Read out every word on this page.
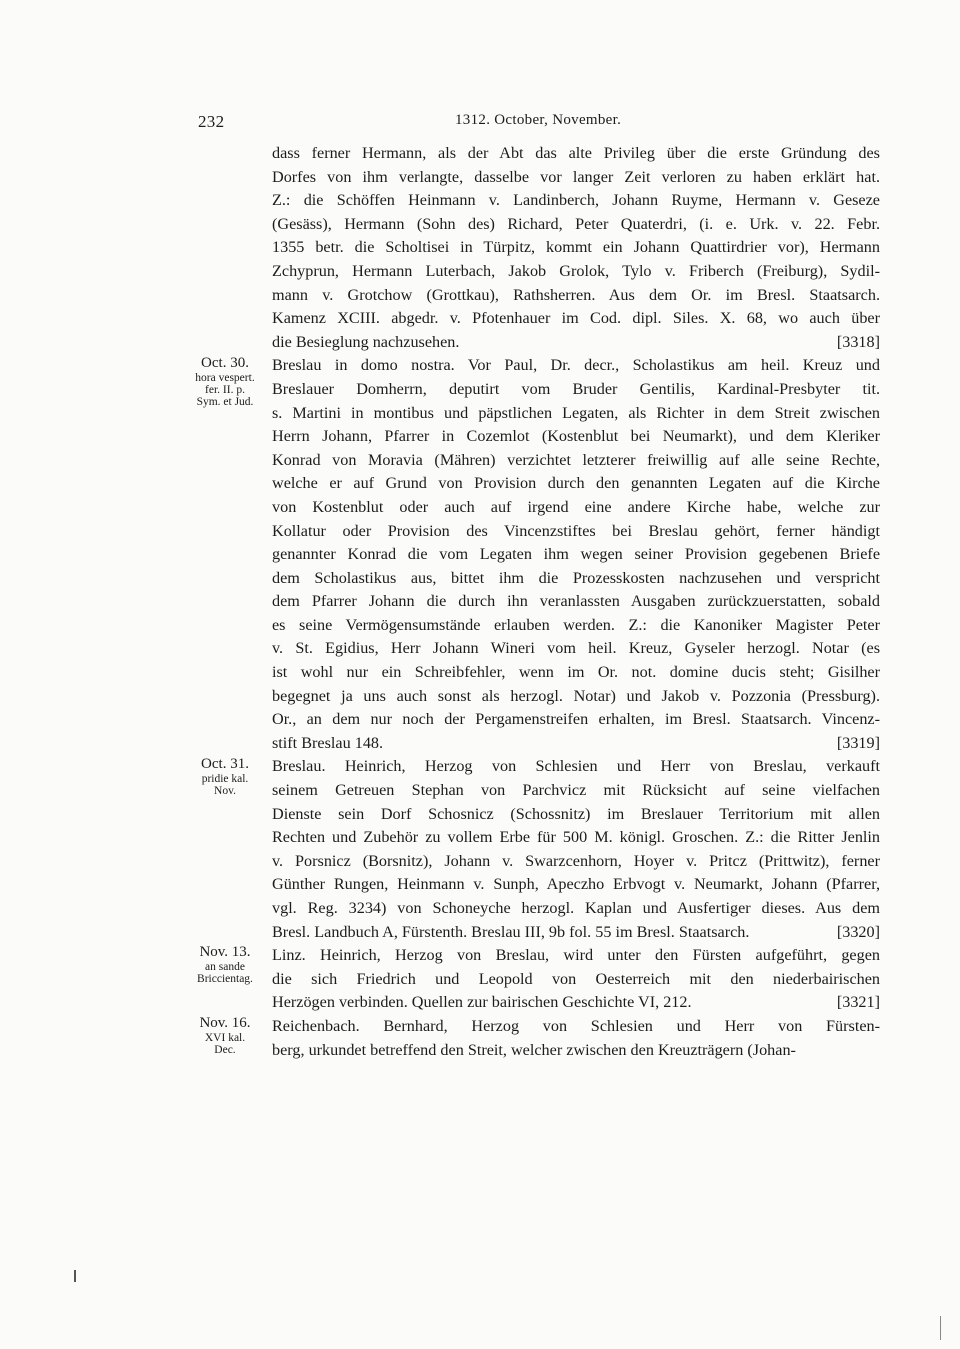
232	1312. October, November.
dass ferner Hermann, als der Abt das alte Privileg über die erste Gründung des
Dorfes von ihm verlangte, dasselbe vor langer Zeit verloren zu haben erklärt hat.
Z.: die Schöffen Heinmann v. Landinberch, Johann Ruyme, Hermann v. Geseze
(Gesäss), Hermann (Sohn des) Richard, Peter Quaterdri, (i. e. Urk. v. 22. Febr.
1355 betr. die Scholtisei in Türpitz, kommt ein Johann Quattirdrier vor), Hermann
Zchyprun, Hermann Luterbach, Jakob Grolok, Tylo v. Friberch (Freiburg), Sydil-
mann v. Grotchow (Grottkau), Rathsherren. Aus dem Or. im Bresl. Staatsarch.
Kamenz XCIII. abgedr. v. Pfotenhauer im Cod. dipl. Siles. X. 68, wo auch über
die Besieglung nachzusehen.	[3318]
Breslau in domo nostra. Vor Paul, Dr. decr., Scholastikus am heil. Kreuz und
Breslauer Domherrn, deputirt vom Bruder Gentilis, Kardinal-Presbyter tit.
s. Martini in montibus und päpstlichen Legaten, als Richter in dem Streit zwischen
Herrn Johann, Pfarrer in Cozemlot (Kostenblut bei Neumarkt), und dem Kleriker
Konrad von Moravia (Mähren) verzichtet letzterer freiwillig auf alle seine Rechte,
welche er auf Grund von Provision durch den genannten Legaten auf die Kirche
von Kostenblut oder auch auf irgend eine andere Kirche habe, welche zur
Kollatur oder Provision des Vincenzstiftes bei Breslau gehört, ferner händigt
genannter Konrad die vom Legaten ihm wegen seiner Provision gegebenen Briefe
dem Scholastikus aus, bittet ihm die Prozesskosten nachzusehen und verspricht
dem Pfarrer Johann die durch ihn veranlassten Ausgaben zurückzuerstatten, sobald
es seine Vermögensumstände erlauben werden. Z.: die Kanoniker Magister Peter
v. St. Egidius, Herr Johann Wineri vom heil. Kreuz, Gyseler herzogl. Notar (es
ist wohl nur ein Schreibfehler, wenn im Or. not. domine ducis steht; Gisilher
begegnet ja uns auch sonst als herzogl. Notar) und Jakob v. Pozzonia (Pressburg).
Or., an dem nur noch der Pergamenstreifen erhalten, im Bresl. Staatsarch. Vincenz-
stift Breslau 148.	[3319]
Breslau. Heinrich, Herzog von Schlesien und Herr von Breslau, verkauft
seinem Getreuen Stephan von Parchvicz mit Rücksicht auf seine vielfachen
Dienste sein Dorf Schosnicz (Schossnitz) im Breslauer Territorium mit allen
Rechten und Zubehör zu vollem Erbe für 500 M. königl. Groschen. Z.: die Ritter Jenlin
v. Porsnicz (Borsnitz), Johann v. Swarzcenhorn, Hoyer v. Pritcz (Prittwitz), ferner
Günther Rungen, Heinmann v. Sunph, Apeczho Erbvogt v. Neumarkt, Johann (Pfarrer,
vgl. Reg. 3234) von Schoneyche herzogl. Kaplan und Ausfertiger dieses. Aus dem
Bresl. Landbuch A, Fürstenth. Breslau III, 9b fol. 55 im Bresl. Staatsarch.	[3320]
Linz. Heinrich, Herzog von Breslau, wird unter den Fürsten aufgeführt, gegen
die sich Friedrich und Leopold von Oesterreich mit den niederbairischen
Herzögen verbinden. Quellen zur bairischen Geschichte VI, 212.	[3321]
Reichenbach. Bernhard, Herzog von Schlesien und Herr von Fürsten-
berg, urkundet betreffend den Streit, welcher zwischen den Kreuzträgern (Johan-
Oct. 30.
hora vespert.
fer. II. p.
Sym. et Jud.
Oct. 31.
pridie kal.
Nov.
Nov. 13.
an sande
Briccientag.
Nov. 16.
XVI kal.
Dec.
